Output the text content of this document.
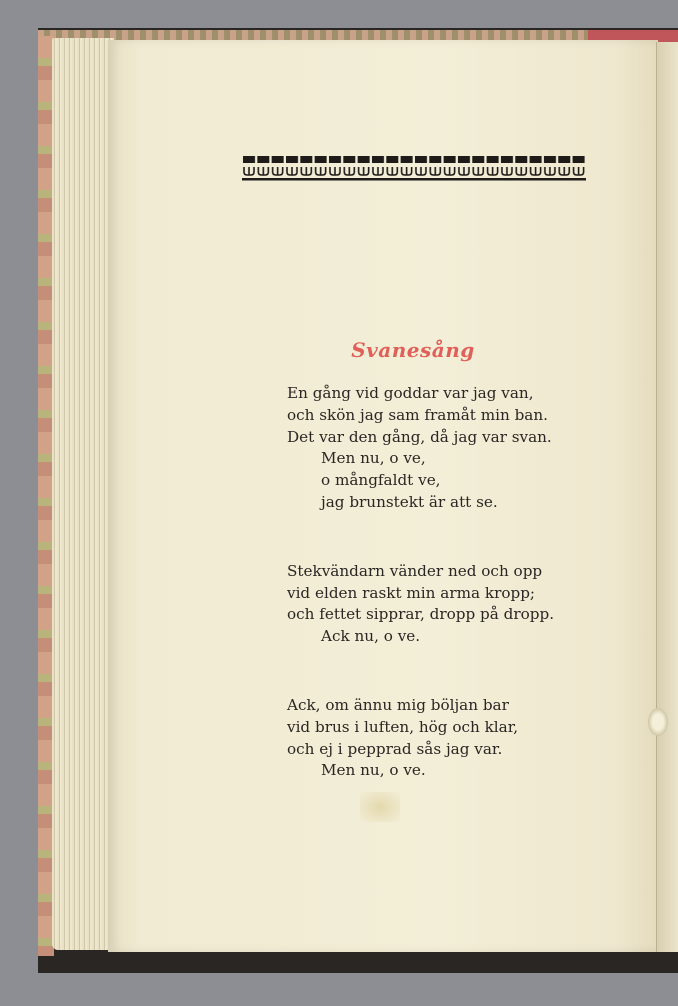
Svanesång
En gång vid goddar var jag van,
och skön jag sam framåt min ban.
Det var den gång, då jag var svan.
Men nu, o ve,
o mångfaldt ve,
jag brunstekt är att se.
Stekvändarn vänder ned och opp
vid elden raskt min arma kropp;
och fettet sipprar, dropp på dropp.
Ack nu, o ve.
Ack, om ännu mig böljan bar
vid brus i luften, hög och klar,
och ej i pepprad sås jag var.
Men nu, o ve.
